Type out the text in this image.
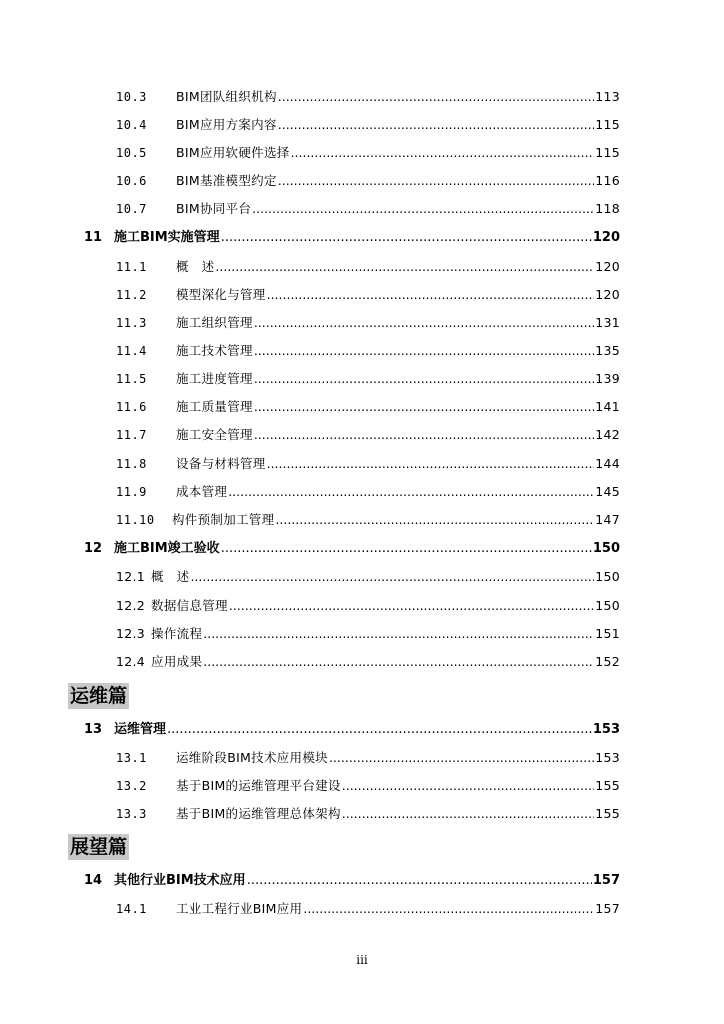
10.3	BIM团队组织机构 .....	113
10.4	BIM应用方案内容 .....	115
10.5	BIM应用软硬件选择 .....	115
10.6	BIM基准模型约定 .....	116
10.7	BIM协同平台 .....	118
11 施工BIM实施管理 .....	120
11.1	概　述 .....	120
11.2	模型深化与管理 .....	120
11.3	施工组织管理 .....	131
11.4	施工技术管理 .....	135
11.5	施工进度管理 .....	139
11.6	施工质量管理 .....	141
11.7	施工安全管理 .....	142
11.8	设备与材料管理 .....	144
11.9	成本管理 .....	145
11.10	构件预制加工管理 .....	147
12 施工BIM竣工验收 .....	150
12.1 概　述 .....	150
12.2 数据信息管理 .....	150
12.3 操作流程 .....	151
12.4 应用成果 .....	152
运维篇
13 运维管理 .....	153
13.1	运维阶段BIM技术应用模块 .....	153
13.2	基于BIM的运维管理平台建设 .....	155
13.3	基于BIM的运维管理总体架构 .....	155
展望篇
14 其他行业BIM技术应用 .....	157
14.1	工业工程行业BIM应用 .....	157
iii
